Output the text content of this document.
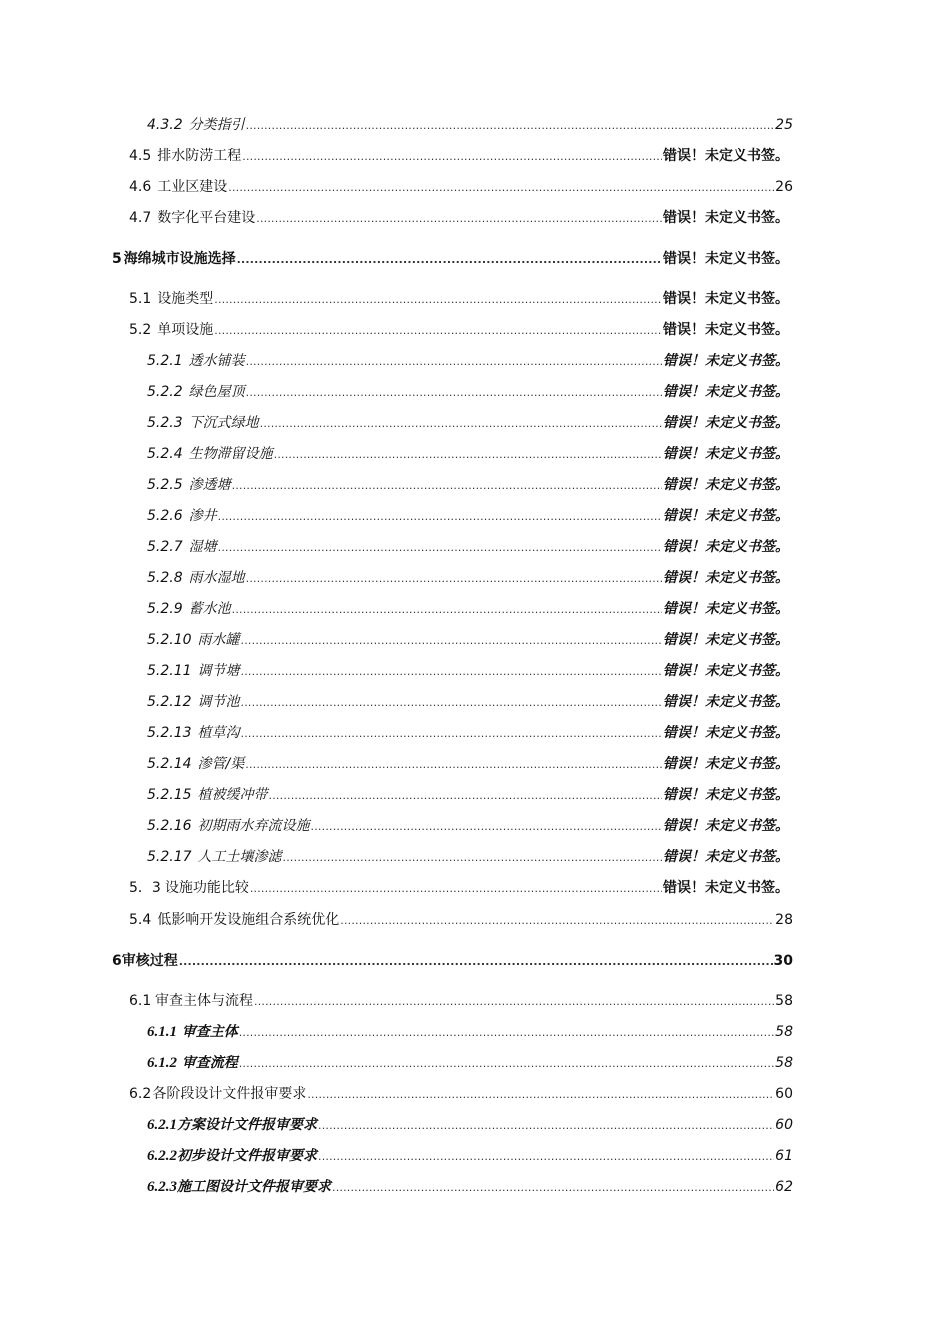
4.3.2 分类指引 .....	25
4.5 排水防涝工程 .....	错误！未定义书签。
4.6 工业区建设 .....	26
4.7 数字化平台建设 .....	错误！未定义书签。
5 海绵城市设施选择 .....	错误！未定义书签。
5.1 设施类型 .....	错误！未定义书签。
5.2 单项设施 .....	错误！未定义书签。
5.2.1 透水铺装 .....	错误！未定义书签。
5.2.2 绿色屋顶 .....	错误！未定义书签。
5.2.3 下沉式绿地 .....	错误！未定义书签。
5.2.4 生物滞留设施 .....	错误！未定义书签。
5.2.5 渗透塘 .....	错误！未定义书签。
5.2.6 渗井 .....	错误！未定义书签。
5.2.7 湿塘 .....	错误！未定义书签。
5.2.8 雨水湿地 .....	错误！未定义书签。
5.2.9 蓄水池 .....	错误！未定义书签。
5.2.10 雨水罐 .....	错误！未定义书签。
5.2.11 调节塘 .....	错误！未定义书签。
5.2.12 调节池 .....	错误！未定义书签。
5.2.13 植草沟 .....	错误！未定义书签。
5.2.14 渗管/渠 .....	错误！未定义书签。
5.2.15 植被缓冲带 .....	错误！未定义书签。
5.2.16 初期雨水弃流设施 .....	错误！未定义书签。
5.2.17 人工土壤渗滤 .....	错误！未定义书签。
5．3 设施功能比较 .....	错误！未定义书签。
5.4 低影响开发设施组合系统优化 .....	28
6 审核过程 .....	30
6.1 审查主体与流程 .....	58
6.1.1 审查主体 .....	58
6.1.2 审查流程 .....	58
6.2 各阶段设计文件报审要求 .....	60
6.2.1 方案设计文件报审要求 .....	60
6.2.2 初步设计文件报审要求 .....	61
6.2.3 施工图设计文件报审要求 .....	62
